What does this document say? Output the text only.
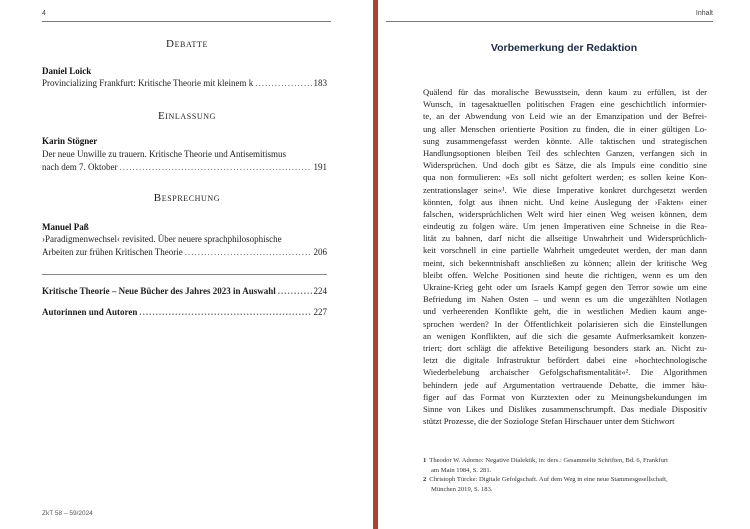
4
Debatte
Daniel Loick
Provincializing Frankfurt: Kritische Theorie mit kleinem k .....	183
Einlassung
Karin Stögner
Der neue Unwille zu trauern. Kritische Theorie und Antisemitismus
nach dem 7. Oktober .....	191
Besprechung
Manuel Paß
›Paradigmenwechsel‹ revisited. Über neuere sprachphilosophische
Arbeiten zur frühen Kritischen Theorie .....	206
Kritische Theorie – Neue Bücher des Jahres 2023 in Auswahl .....	224
Autorinnen und Autoren .....	227
ZkT 58 – 59/2024
Inhalt
Vorbemerkung der Redaktion
Quälend für das moralische Bewusstsein, denn kaum zu erfüllen, ist der
Wunsch, in tagesaktuellen politischen Fragen eine geschichtlich informier-
te, an der Abwendung von Leid wie an der Emanzipation und der Befrei-
ung aller Menschen orientierte Position zu finden, die in einer gültigen Lo-
sung zusammengefasst werden könnte. Alle taktischen und strategischen
Handlungsoptionen bleiben Teil des schlechten Ganzen, verfangen sich in
Widersprüchen. Und doch gibt es Sätze, die als Impuls eine conditio sine
qua non formulieren: »Es soll nicht gefoltert werden; es sollen keine Kon-
zentrationslager sein«¹. Wie diese Imperative konkret durchgesetzt werden
könnten, folgt aus ihnen nicht. Und keine Auslegung der ›Fakten‹ einer
falschen, widersprüchlichen Welt wird hier einen Weg weisen können, dem
eindeutig zu folgen wäre. Um jenen Imperativen eine Schneise in die Rea-
lität zu bahnen, darf nicht die allseitige Unwahrheit und Widersprüchlich-
keit vorschnell in eine partielle Wahrheit umgedeutet werden, der man dann
meint, sich bekenntnishaft anschließen zu können; allein der kritische Weg
bleibt offen. Welche Positionen sind heute die richtigen, wenn es um den
Ukraine-Krieg geht oder um Israels Kampf gegen den Terror sowie um eine
Befriedung im Nahen Osten – und wenn es um die ungezählten Notlagen
und verheerenden Konflikte geht, die in westlichen Medien kaum ange-
sprochen werden? In der Öffentlichkeit polarisieren sich die Einstellungen
an wenigen Konflikten, auf die sich die gesamte Aufmerksamkeit konzen-
triert; dort schlägt die affektive Beteiligung besonders stark an. Nicht zu-
letzt die digitale Infrastruktur befördert dabei eine »hochtechnologische
Wiederbelebung archaischer Gefolgschaftsmentalität«². Die Algorithmen
behindern jede auf Argumentation vertrauende Debatte, die immer häu-
figer auf das Format von Kurztexten oder zu Meinungsbekundungen im
Sinne von Likes und Dislikes zusammenschrumpft. Das mediale Dispositiv
stützt Prozesse, die der Soziologe Stefan Hirschauer unter dem Stichwort
1 Theodor W. Adorno: Negative Dialektik, in: ders.: Gesammelte Schriften, Bd. 6, Frankfurt
am Main 1984, S. 281.
2 Christoph Türcke: Digitale Gefolgschaft. Auf dem Weg in eine neue Stammesgesellschaft,
München 2019, S. 183.
